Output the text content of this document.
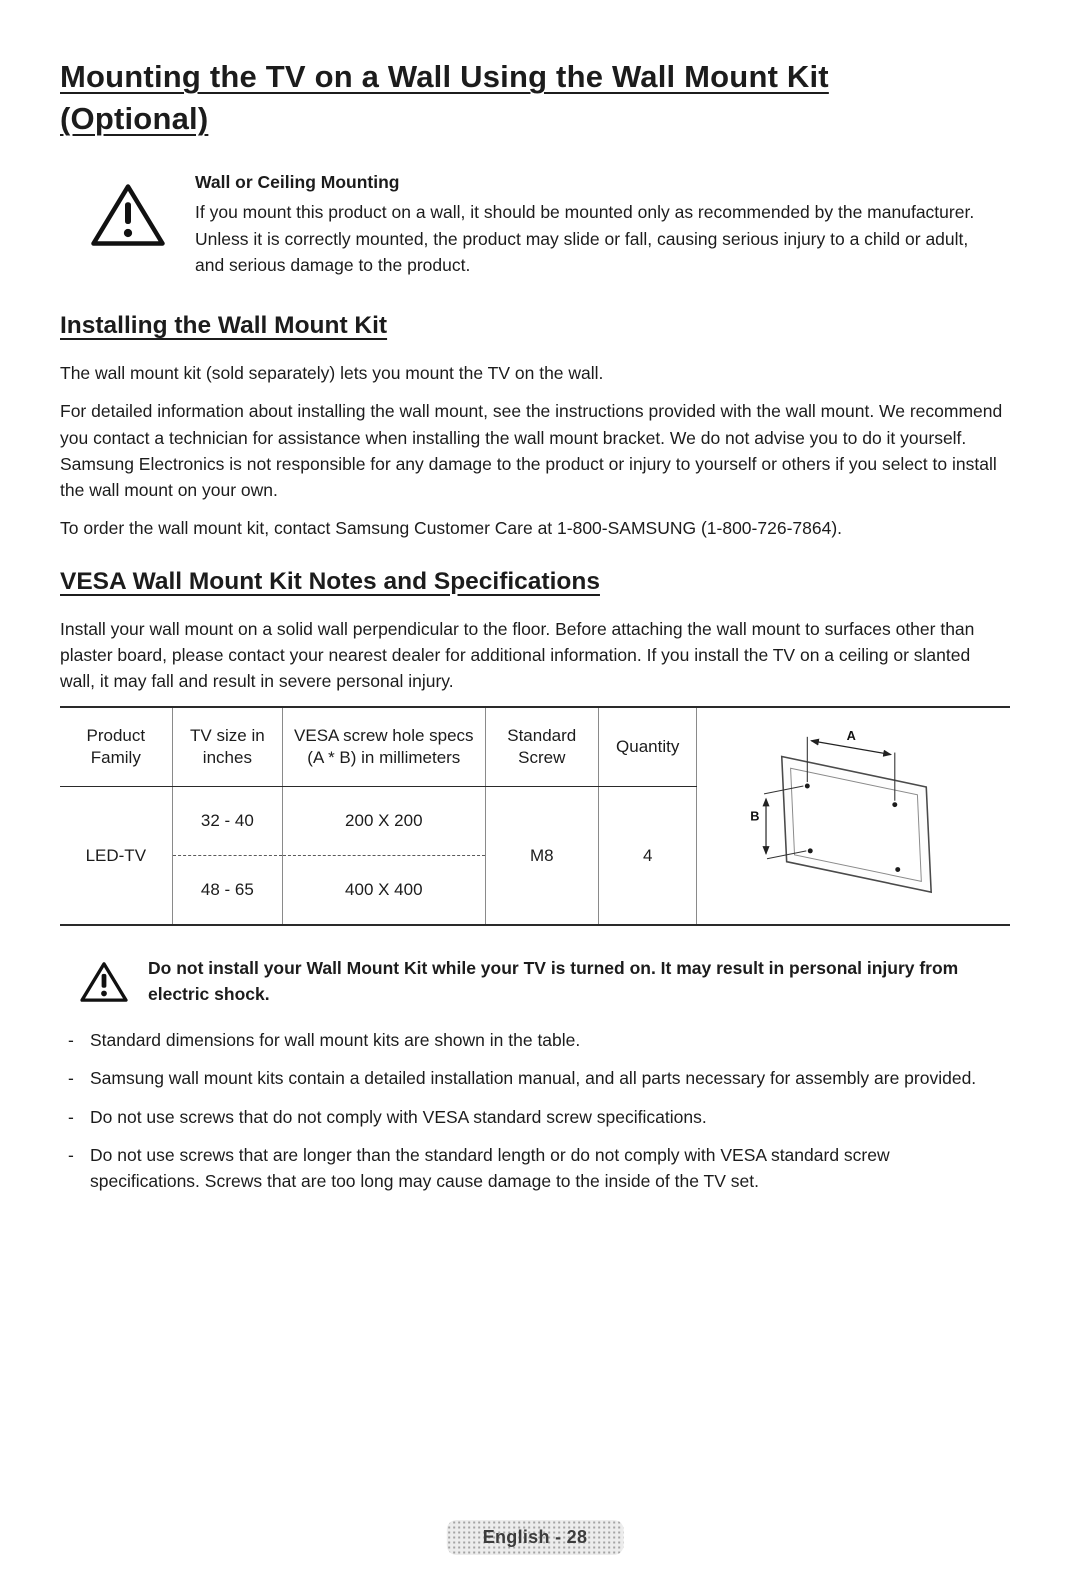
Mounting the TV on a Wall Using the Wall Mount Kit (Optional)
Wall or Ceiling Mounting
If you mount this product on a wall, it should be mounted only as recommended by the manufacturer. Unless it is correctly mounted, the product may slide or fall, causing serious injury to a child or adult, and serious damage to the product.
Installing the Wall Mount Kit

The wall mount kit (sold separately) lets you mount the TV on the wall.

For detailed information about installing the wall mount, see the instructions provided with the wall mount. We recommend you contact a technician for assistance when installing the wall mount bracket. We do not advise you to do it yourself. Samsung Electronics is not responsible for any damage to the product or injury to yourself or others if you select to install the wall mount on your own.

To order the wall mount kit, contact Samsung Customer Care at 1-800-SAMSUNG (1-800-726-7864).

VESA Wall Mount Kit Notes and Specifications

Install your wall mount on a solid wall perpendicular to the floor. Before attaching the wall mount to surfaces other than plaster board, please contact your nearest dealer for additional information. If you install the TV on a ceiling or slanted wall, it may fall and result in severe personal injury.

Product Family	TV size in inches	VESA screw hole specs (A * B) in millimeters	Standard Screw	Quantity	A
B

LED-TV	32 - 40	200 X 200	M8	4	
	48 - 65	400 X 400			
Do not install your Wall Mount Kit while your TV is turned on. It may result in personal injury from electric shock.
- Standard dimensions for wall mount kits are shown in the table.
- Samsung wall mount kits contain a detailed installation manual, and all parts necessary for assembly are provided.
- Do not use screws that do not comply with VESA standard screw specifications.
- Do not use screws that are longer than the standard length or do not comply with VESA standard screw specifications. Screws that are too long may cause damage to the inside of the TV set.
English - 28
